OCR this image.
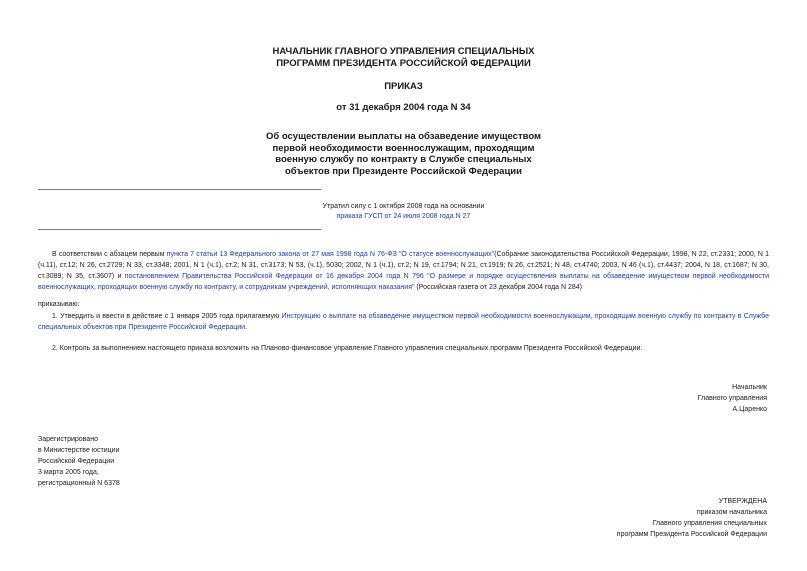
НАЧАЛЬНИК ГЛАВНОГО УПРАВЛЕНИЯ СПЕЦИАЛЬНЫХ
ПРОГРАММ ПРЕЗИДЕНТА РОССИЙСКОЙ ФЕДЕРАЦИИ
ПРИКАЗ
от 31 декабря 2004 года N 34
Об осуществлении выплаты на обзаведение имуществом
первой необходимости военнослужащим, проходящим
военную службу по контракту в Службе специальных
объектов при Президенте Российской Федерации
Утратил силу с 1 октября 2008 года на основании
приказа ГУСП от 24 июля 2008 года N 27
В соответствии с абзацем первым пункта 7 статьи 13 Федерального закона от 27 мая 1998 года N 76-ФЗ "О статусе военнослужащих"(Собрание законодательства Российской Федерации, 1998, N 22, ст.2331; 2000, N 1 (ч.11), ст.12; N 26, ст.2729; N 33, ст.3348; 2001, N 1 (ч.1), ст.2; N 31, ст.3173; N 53, (ч.1), 5030; 2002, N 1 (ч.1), ст.2; N 19, ст.1794; N 21, ст.1919; N 26, ст.2521; N 48, ст.4740; 2003, N 46 (ч.1), ст.4437; 2004, N 18, ст.1687; N 30, ст.3089; N 35, ст.3607) и постановлением Правительства Российской Федерации от 16 декабря 2004 года N 796 "О размере и порядке осуществления выплаты на обзаведение имуществом первой необходимости военнослужащих, проходящих военную службу по контракту, и сотрудникам учреждений, исполняющих наказания" (Российская газета от 23 декабря 2004 года N 284)
приказываю:
1. Утвердить и ввести в действие с 1 января 2005 года прилагаемую Инструкцию о выплате на обзаведение имуществом первой необходимости военнослужащим, проходящим военную службу по контракту в Службе специальных объектов при Президенте Российской Федерации.
2. Контроль за выполнением настоящего приказа возложить на Планово-финансовое управление Главного управления специальных программ Президента Российской Федерации.
Начальник
Главного управления
А.Царенко
Зарегистрировано
в Министерстве юстиции
Российской Федерации
3 марта 2005 года,
регистрационный N 6378
УТВЕРЖДЕНА
приказом начальника
Главного управления специальных
программ Президента Российской Федерации
